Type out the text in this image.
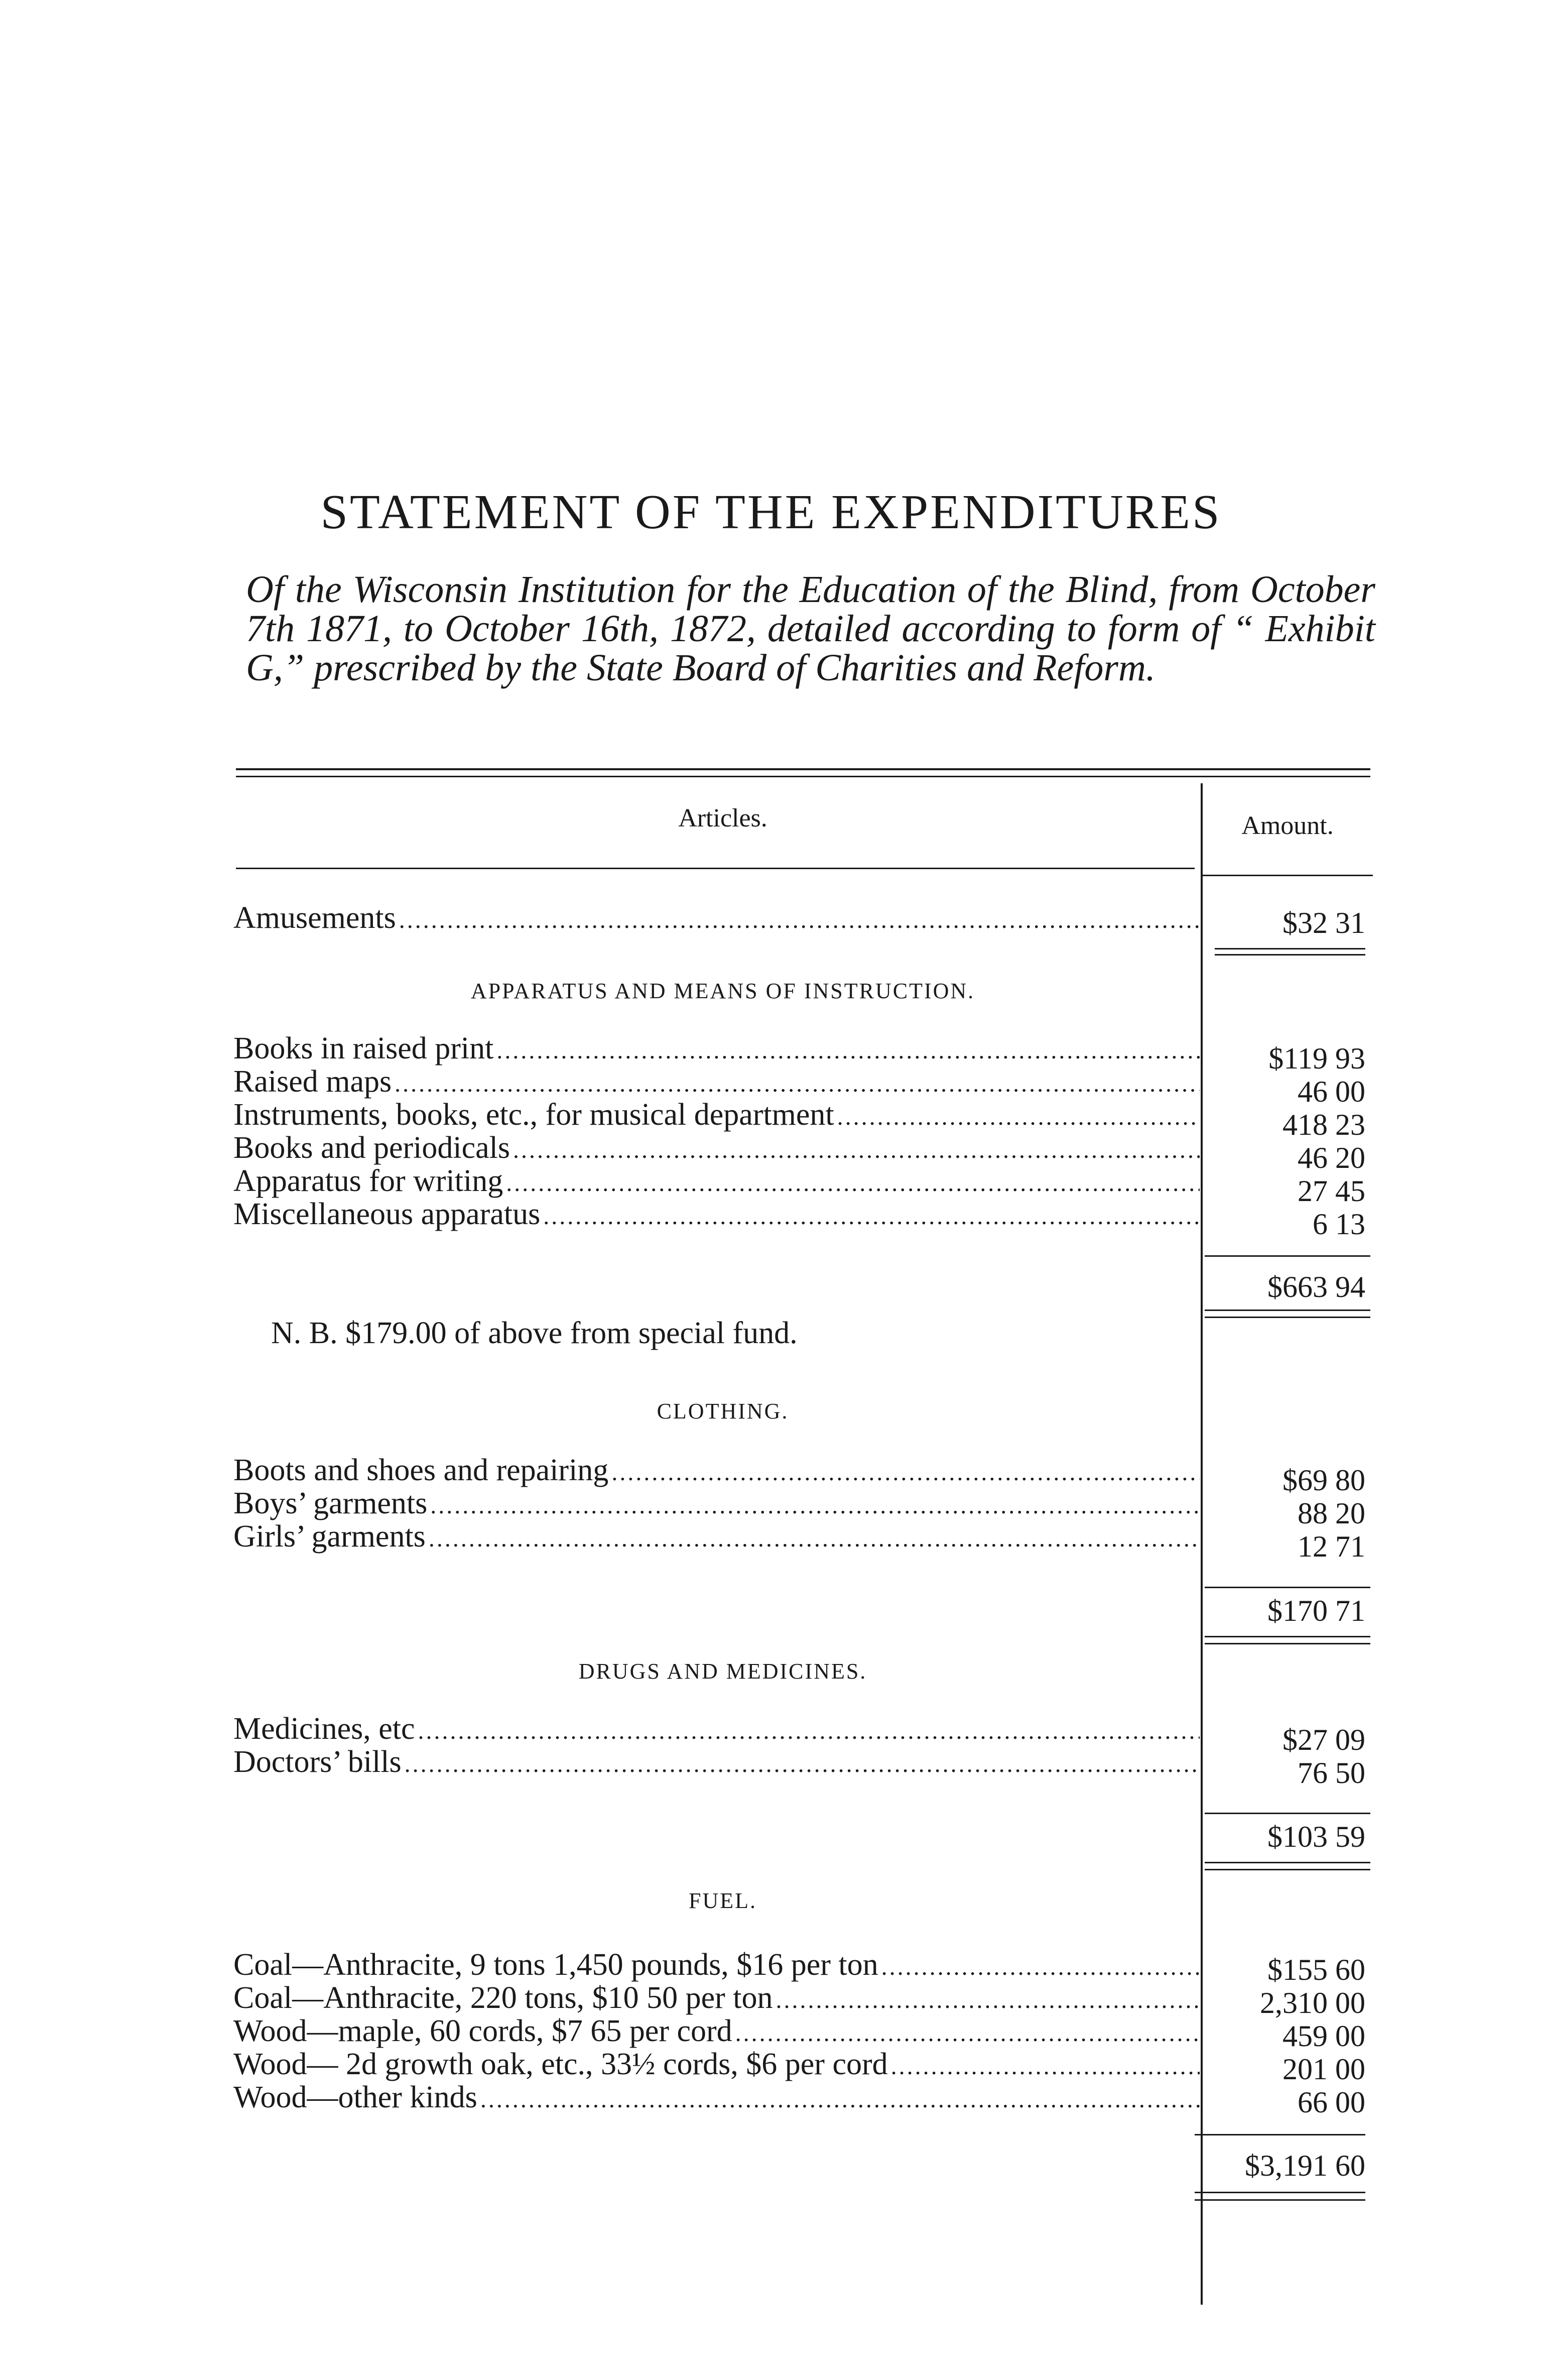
STATEMENT OF THE EXPENDITURES
Of the Wisconsin Institution for the Education of the Blind, from October 7th 1871, to October 16th, 1872, detailed according to form of “ Exhibit G,” prescribed by the State Board of Charities and Reform.
Articles.	Amount.
Amusements . . .	$32 31
APPARATUS AND MEANS OF INSTRUCTION.
Books in raised print . . .	$119 93
Raised maps . . .	46 00
Instruments, books, etc., for musical department . . .	418 23
Books and periodicals . . .	46 20
Apparatus for writing . . .	27 45
Miscellaneous apparatus . . .	6 13
$663 94
N. B. $179.00 of above from special fund.
CLOTHING.
Boots and shoes and repairing . . .	$69 80
Boys’ garments . . .	88 20
Girls’ garments . . .	12 71
$170 71
DRUGS AND MEDICINES.
Medicines, etc . . .	$27 09
Doctors’ bills . . .	76 50
$103 59
FUEL.
Coal—Anthracite, 9 tons 1,450 pounds, $16 per ton . . .	$155 60
Coal—Anthracite, 220 tons, $10 50 per ton . . .	2,310 00
Wood—maple, 60 cords, $7 65 per cord . . .	459 00
Wood— 2d growth oak, etc., 33½ cords, $6 per cord . . .	201 00
Wood—other kinds . . .	66 00
$3,191 60
